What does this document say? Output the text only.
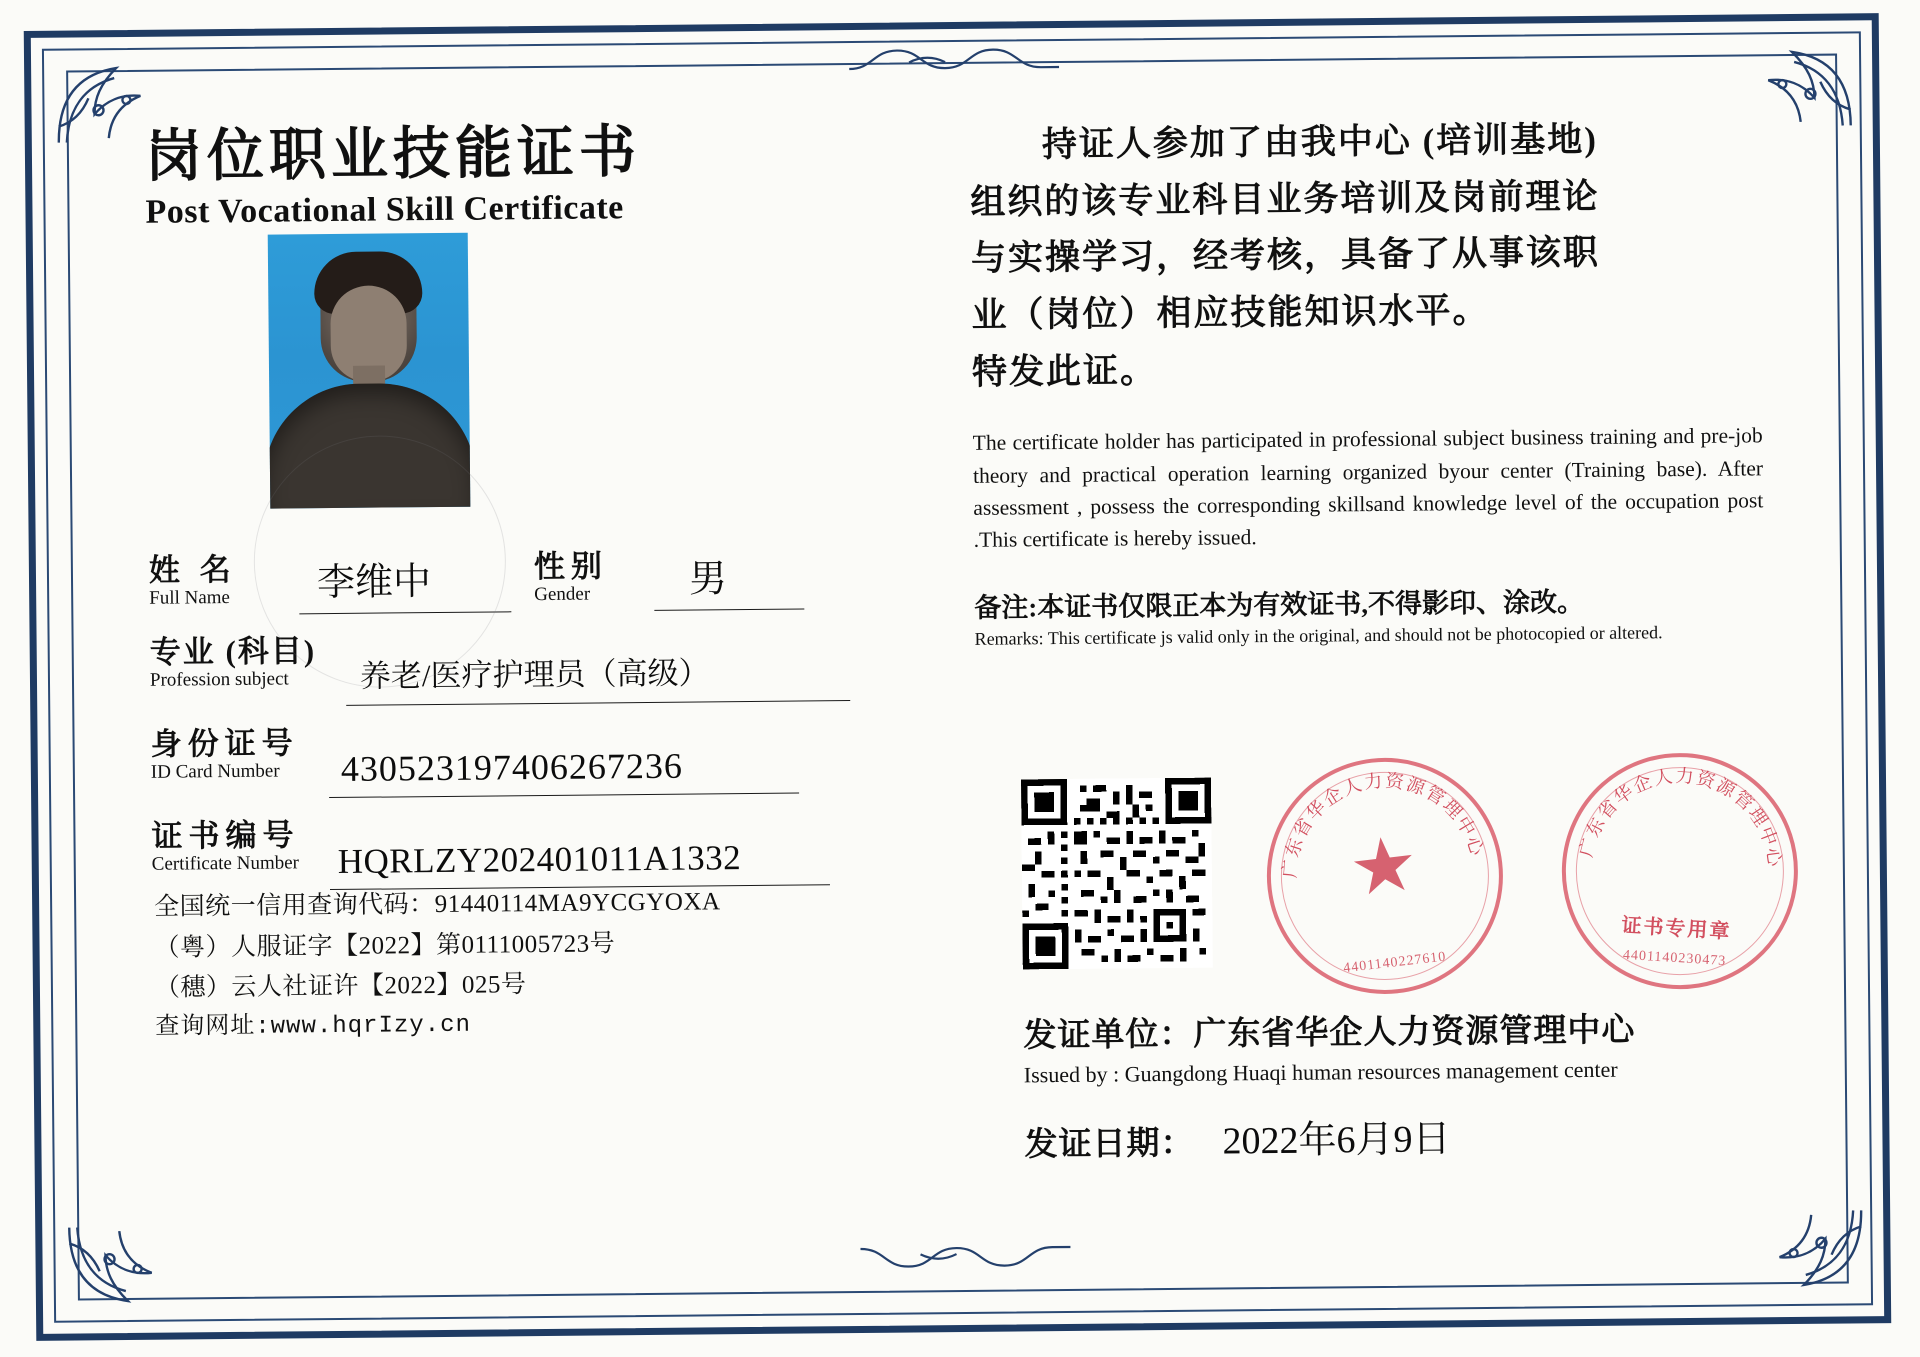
岗位职业技能证书
Post Vocational Skill Certificate
姓 名
Full Name 李维中	性别
Gender	男
专业 (科目)
Profession subject	养老/医疗护理员（高级）
身份证号
ID Card Number	430523197406267236
证书编号
Certificate Number HQRLZY202401011A1332
全国统一信用查询代码：91440114MA9YCGYOXA
（粤）人服证字【2022】第0111005723号
（穗）云人社证许【2022】025号
查询网址:www.hqrIzy.cn
持证人参加了由我中心 (培训基地)
组织的该专业科目业务培训及岗前理论
与实操学习，经考核，具备了从事该职
业（岗位）相应技能知识水平。
特发此证。
The certificate holder has participated in professional subject business training and pre-job theory and practical operation learning organized byour center (Training base). After assessment , possess the corresponding skillsand knowledge level of the occupation post .This certificate is hereby issued.
备注:本证书仅限正本为有效证书,不得影印、涂改。
Remarks: This certificate js valid only in the original, and should not be photocopied or altered.
广东省华企人力资源管理中心
★
4401140227610
广东省华企人力资源管理中心
证书专用章
4401140230473
发证单位：广东省华企人力资源管理中心
Issued by : Guangdong Huaqi human resources management center
发证日期： 2022年6月9日
